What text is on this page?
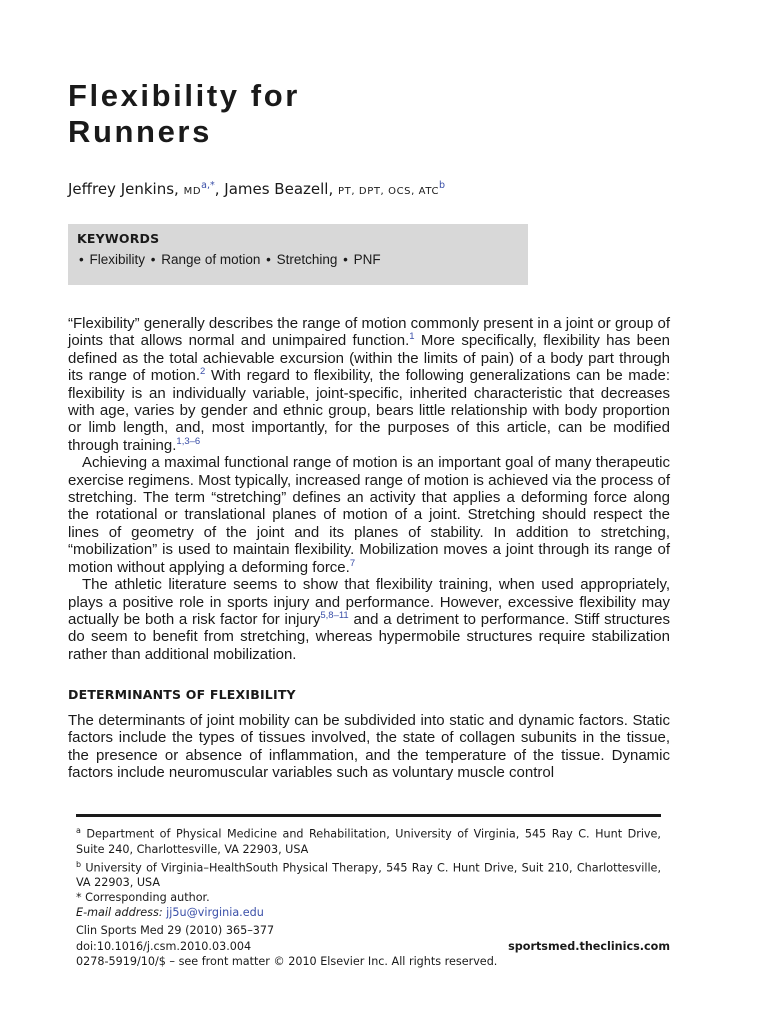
Flexibility for
Runners
Jeffrey Jenkins, $MD^{a,*}$, James Beazell, PT, DPT, OCS, ATC$^b$
KEYWORDS
• Flexibility • Range of motion • Stretching • PNF

“Flexibility” generally describes the range of motion commonly present in a joint or group of joints that allows normal and unimpaired function.$^1$ More specifically, flexibility has been defined as the total achievable excursion (within the limits of pain) of a body part through its range of motion.$^2$ With regard to flexibility, the following generalizations can be made: flexibility is an individually variable, joint-specific, inherited characteristic that decreases with age, varies by gender and ethnic group, bears little relationship with body proportion or limb length, and, most importantly, for the purposes of this article, can be modified through training.$^{1,3-6}$

Achieving a maximal functional range of motion is an important goal of many therapeutic exercise regimens. Most typically, increased range of motion is achieved via the process of stretching. The term “stretching” defines an activity that applies a deforming force along the rotational or translational planes of motion of a joint. Stretching should respect the lines of geometry of the joint and its planes of stability. In addition to stretching, “mobilization” is used to maintain flexibility. Mobilization moves a joint through its range of motion without applying a deforming force.$^7$

The athletic literature seems to show that flexibility training, when used appropriately, plays a positive role in sports injury and performance. However, excessive flexibility may actually be both a risk factor for injury$^{5,8-11}$ and a detriment to performance. Stiff structures do seem to benefit from stretching, whereas hypermobile structures require stabilization rather than additional mobilization.

DETERMINANTS OF FLEXIBILITY

The determinants of joint mobility can be subdivided into static and dynamic factors. Static factors include the types of tissues involved, the state of collagen subunits in the tissue, the presence or absence of inflammation, and the temperature of the tissue. Dynamic factors include neuromuscular variables such as voluntary muscle control

$^a$ Department of Physical Medicine and Rehabilitation, University of Virginia, 545 Ray C. Hunt Drive, Suite 240, Charlottesville, VA 22903, USA

$^b$ University of Virginia–HealthSouth Physical Therapy, 545 Ray C. Hunt Drive, Suit 210, Charlottesville, VA 22903, USA

* Corresponding author.

E-mail address: jj5u@virginia.edu

Clin Sports Med 29 (2010) 365–377
doi:10.1016/j.csm.2010.03.004	sportsmed.theclinics.com
0278-5919/10/$ – see front matter © 2010 Elsevier Inc. All rights reserved.
